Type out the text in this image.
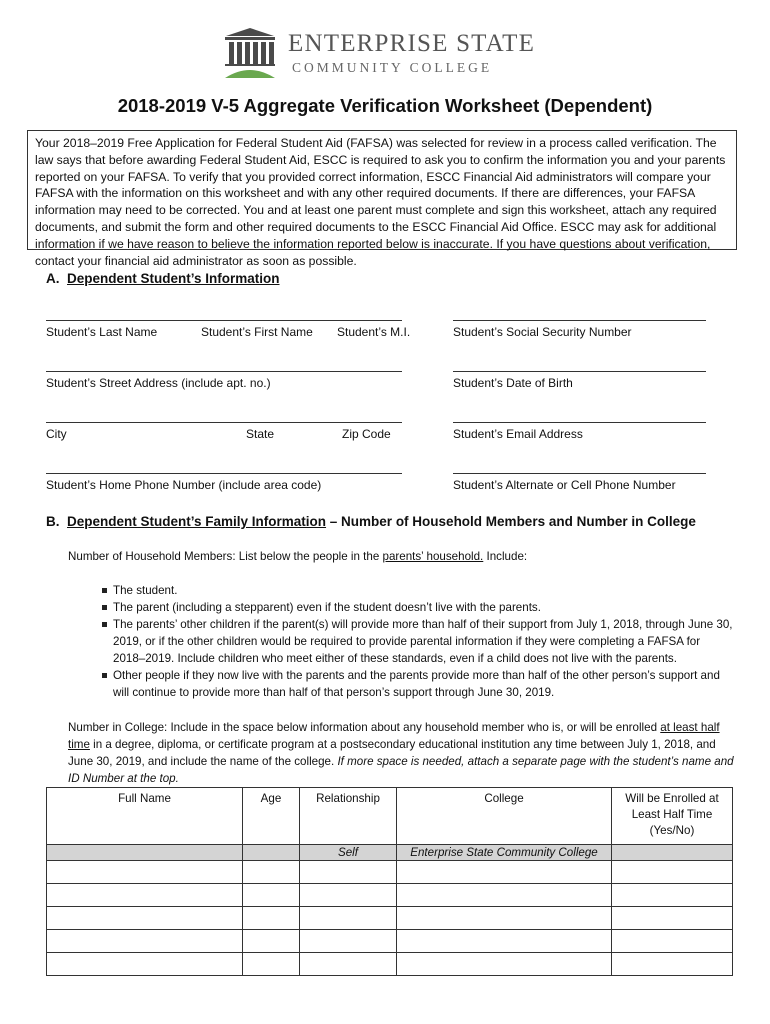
ENTERPRISE STATE
COMMUNITY COLLEGE
2018-2019 V-5 Aggregate Verification Worksheet (Dependent)
Your 2018–2019 Free Application for Federal Student Aid (FAFSA) was selected for review in a process called verification. The law says that before awarding Federal Student Aid, ESCC is required to ask you to confirm the information you and your parents reported on your FAFSA. To verify that you provided correct information, ESCC Financial Aid administrators will compare your FAFSA with the information on this worksheet and with any other required documents. If there are differences, your FAFSA information may need to be corrected. You and at least one parent must complete and sign this worksheet, attach any required documents, and submit the form and other required documents to the ESCC Financial Aid Office. ESCC may ask for additional information if we have reason to believe the information reported below is inaccurate. If you have questions about verification, contact your financial aid administrator as soon as possible.
A. Dependent Student’s Information
Student’s Last Name	Student’s First Name Student’s M.I.	Student’s Social Security Number
Student’s Street Address (include apt. no.)	Student’s Date of Birth
City	State	Zip Code	Student’s Email Address
Student’s Home Phone Number (include area code)	Student’s Alternate or Cell Phone Number
B. Dependent Student’s Family Information – Number of Household Members and Number in College
Number of Household Members: List below the people in the parents’ household. Include:
The student.
The parent (including a stepparent) even if the student doesn’t live with the parents.
The parents’ other children if the parent(s) will provide more than half of their support from July 1, 2018, through June 30, 2019, or if the other children would be required to provide parental information if they were completing a FAFSA for 2018–2019. Include children who meet either of these standards, even if a child does not live with the parents.
Other people if they now live with the parents and the parents provide more than half of the other person’s support and will continue to provide more than half of that person’s support through June 30, 2019.
Number in College: Include in the space below information about any household member who is, or will be enrolled at least half time in a degree, diploma, or certificate program at a postsecondary educational institution any time between July 1, 2018, and June 30, 2019, and include the name of the college. If more space is needed, attach a separate page with the student’s name and ID Number at the top.
Full Name	Age	Relationship	College	Will be Enrolled at Least Half Time (Yes/No)
		Self	Enterprise State Community College	
